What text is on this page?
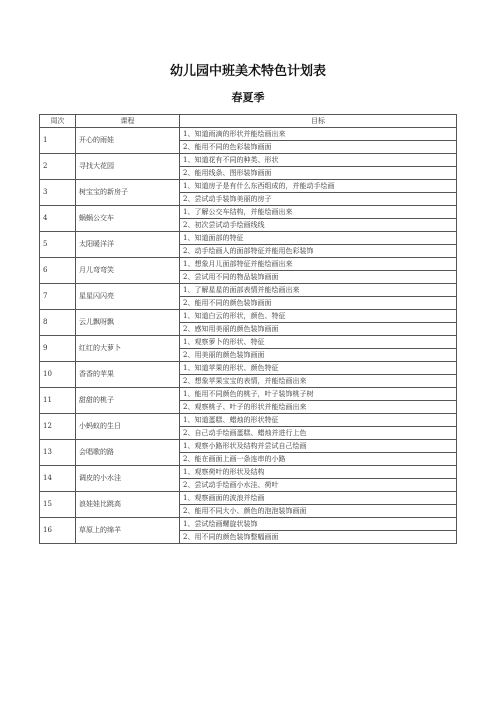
幼儿园中班美术特色计划表
春夏季
周次	课程	目标
1	开心的雨娃	1、知道雨滴的形状并能绘画出来
		2、能用不同的色彩装饰画面
2	寻找大花园	1、知道花有不同的种类、形状
		2、能用线条、图形装饰画面
3	树宝宝的新房子	1、知道房子是有什么东西组成的，并能动手绘画
		2、尝试动手装饰美丽的房子
4	蜗蜗公交车	1、了解公交车结构，并能绘画出来
		2、初次尝试动手绘画线线
5	太阳暖洋洋	1、知道面部的特征
		2、动手绘画人的面部特征并能用色彩装饰
6	月儿弯弯笑	1、想象月儿面部特征并能绘画出来
		2、尝试用不同的物品装饰画面
7	星星闪闪亮	1、了解星星的面部表情并能绘画出来
		2、能用不同的颜色装饰画面
8	云儿飘呀飘	1、知道白云的形状，颜色、特征
		2、感知用美丽的颜色装饰画面
9	红红的大萝卜	1、观察萝卜的形状、特征
		2、用美丽的颜色装饰画面
10	香香的苹果	1、知道苹果的形状、颜色特征
		2、想象苹果宝宝的表情，并能绘画出来
11	甜甜的桃子	1、能用不同颜色的桃子，叶子装饰桃子树
		2、观察桃子、叶子的形状并能绘画出来
12	小蚂蚁的生日	1、知道蛋糕、蜡烛的形状特征
		2、自己动手绘画蛋糕、蜡烛并进行上色
13	会唱歌的路	1、观察小路形状及结构并尝试自己绘画
		2、能在画面上画一条连串的小路
14	调皮的小水洼	1、观察荷叶的形状及结构
		2、尝试动手绘画小水洼、荷叶
15	浪娃娃比跳高	1、观察画面的波浪并绘画
		2、能用不同大小、颜色的泡泡装饰画面
16	草原上的绵羊	1、尝试绘画螺旋状装饰
		2、用不同的颜色装饰整幅画面
